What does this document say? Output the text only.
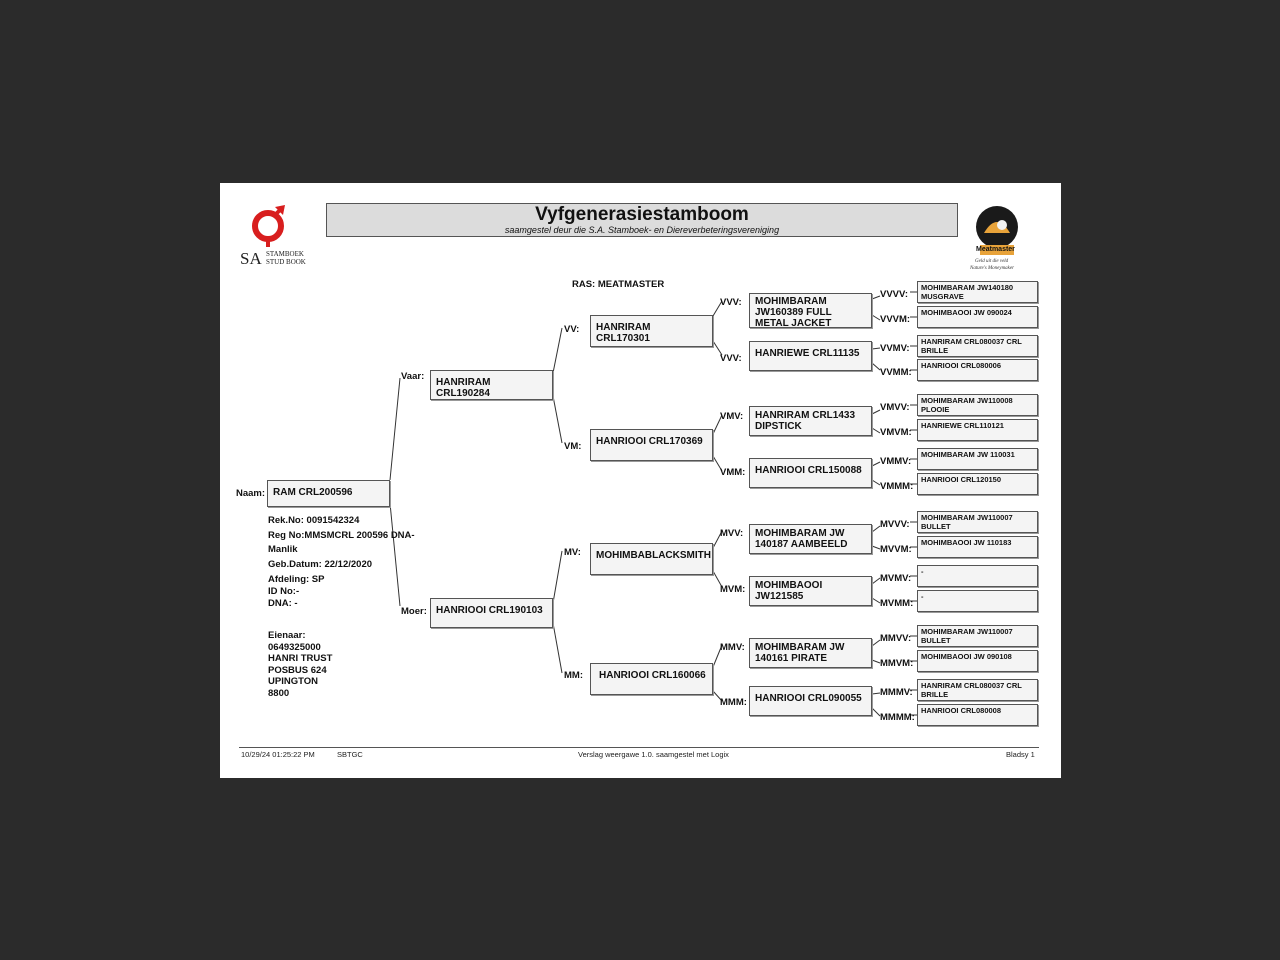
SA STAMBOEK
STUD BOOK
Vyfgenerasiestamboom
saamgestel deur die S.A. Stamboek- en Diereverbeteringsvereniging
Meatmaster
Geld uit die veld
Nature's Moneymaker
RAS: MEATMASTER
Naam: RAM CRL200596
Rek.No: 0091542324
Reg No:MMSMCRL 200596 DNA-
Manlik
Geb.Datum: 22/12/2020
Afdeling: SP
ID No:-
DNA: -
Eienaar:
0649325000
HANRI TRUST
POSBUS 624
UPINGTON
8800
Vaar:
HANRIRAM CRL190284
Moer: HANRIOOI CRL190103
VV:	HANRIRAM CRL170301
VM:	HANRIOOI CRL170369
MV:	MOHIMBABLACKSMITH
MM:	HANRIOOI CRL160066
VVV:	MOHIMBARAM JW160389 FULL METAL JACKET
VVV:	HANRIEWE CRL11135
VMV:	HANRIRAM CRL1433 DIPSTICK
VMM: HANRIOOI CRL150088
MVV:	MOHIMBARAM JW 140187 AAMBEELD
MVM: MOHIMBAOOI JW121585
MMV:	MOHIMBARAM JW 140161 PIRATE
MMM: HANRIOOI CRL090055
VVVV:
MOHIMBARAM JW140180 MUSGRAVE
VVVM:
MOHIMBAOOI JW 090024
VVMV:
HANRIRAM CRL080037 CRL BRILLE
VVMM:
HANRIOOI CRL080006
VMVV:
MOHIMBARAM JW110008 PLOOIE
VMVM:
HANRIEWE CRL110121
VMMV:
MOHIMBARAM JW 110031
VMMM:
HANRIOOI CRL120150
MVVV:
MOHIMBARAM JW110007 BULLET
MVVM:
MOHIMBAOOI JW 110183
MVMV:
-
MVMM:
-
MMVV:
MOHIMBARAM JW110007 BULLET
MMVM:
MOHIMBAOOI JW 090108
MMMV:
HANRIRAM CRL080037 CRL BRILLE
MMMM:
HANRIOOI CRL080008
10/29/24 01:25:22 PM	SBTGC	Verslag weergawe 1.0. saamgestel met Logix	Bladsy 1
